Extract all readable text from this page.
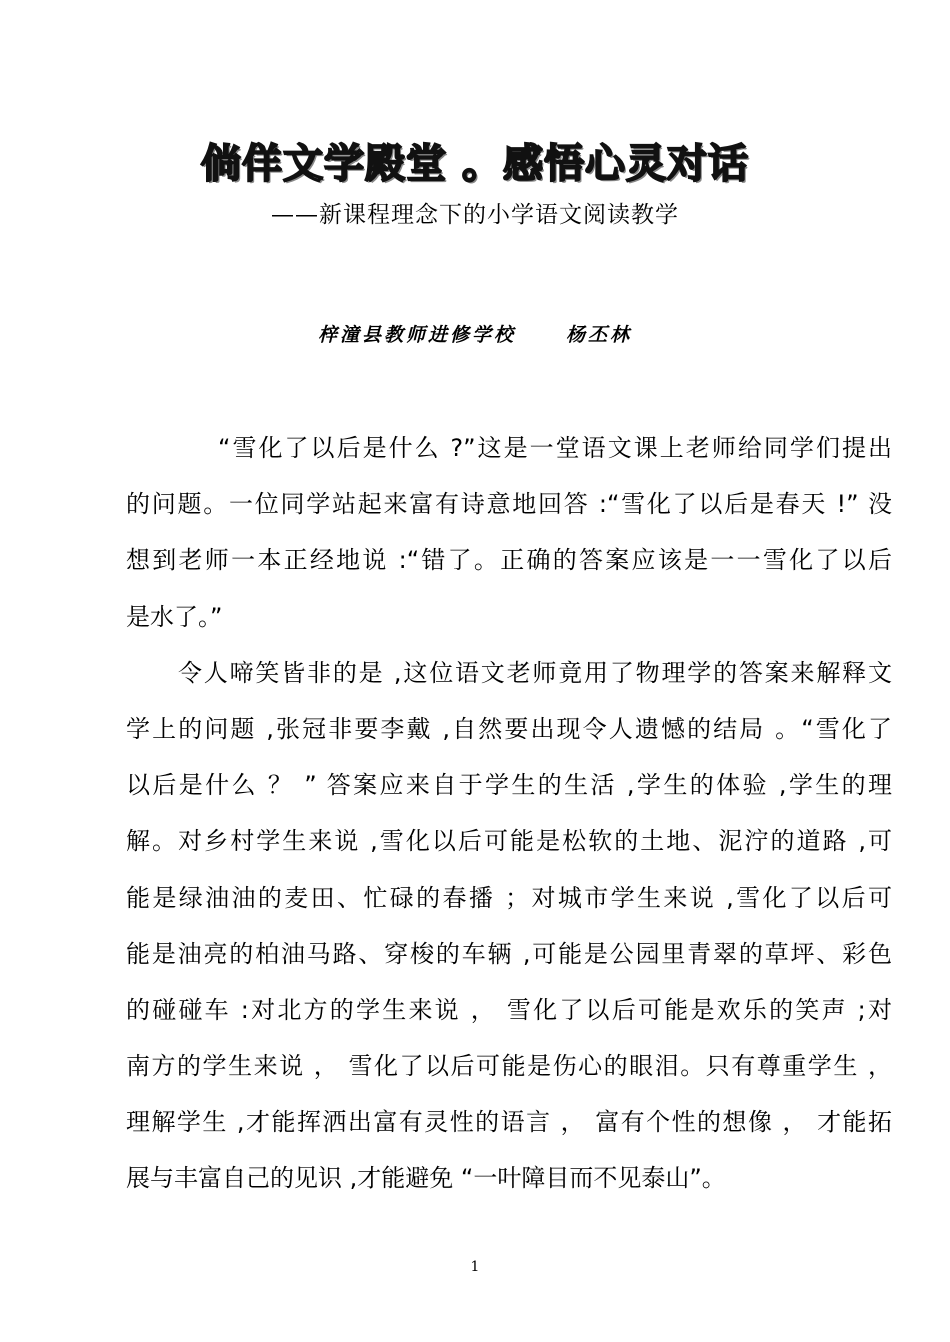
倘佯文学殿堂 。感悟心灵对话
——新课程理念下的小学语文阅读教学
梓潼县教师进修学校	杨丕林
“雪化了以后是什么 ?”这是一堂语文课上老师给同学们提出
的问题。一位同学站起来富有诗意地回答 :“雪化了以后是春天 !” 没
想到老师一本正经地说 :“错了。正确的答案应该是一一雪化了以后
是水了。”
令人啼笑皆非的是 ,这位语文老师竟用了物理学的答案来解释文
学上的问题 ,张冠非要李戴 ,自然要出现令人遗憾的结局 。“雪化了
以后是什么 ？ ” 答案应来自于学生的生活 ,学生的体验 ,学生的理
解。对乡村学生来说 ,雪化以后可能是松软的土地、泥泞的道路 ,可
能是绿油油的麦田、忙碌的春播 ；对城市学生来说 ,雪化了以后可
能是油亮的柏油马路、穿梭的车辆 ,可能是公园里青翠的草坪、彩色
的碰碰车 :对北方的学生来说 ， 雪化了以后可能是欢乐的笑声 ;对
南方的学生来说 ， 雪化了以后可能是伤心的眼泪。只有尊重学生 ，
理解学生 ,才能挥洒出富有灵性的语言 ， 富有个性的想像 ， 才能拓
展与丰富自己的见识 ,才能避免 “一叶障目而不见泰山”。
1
